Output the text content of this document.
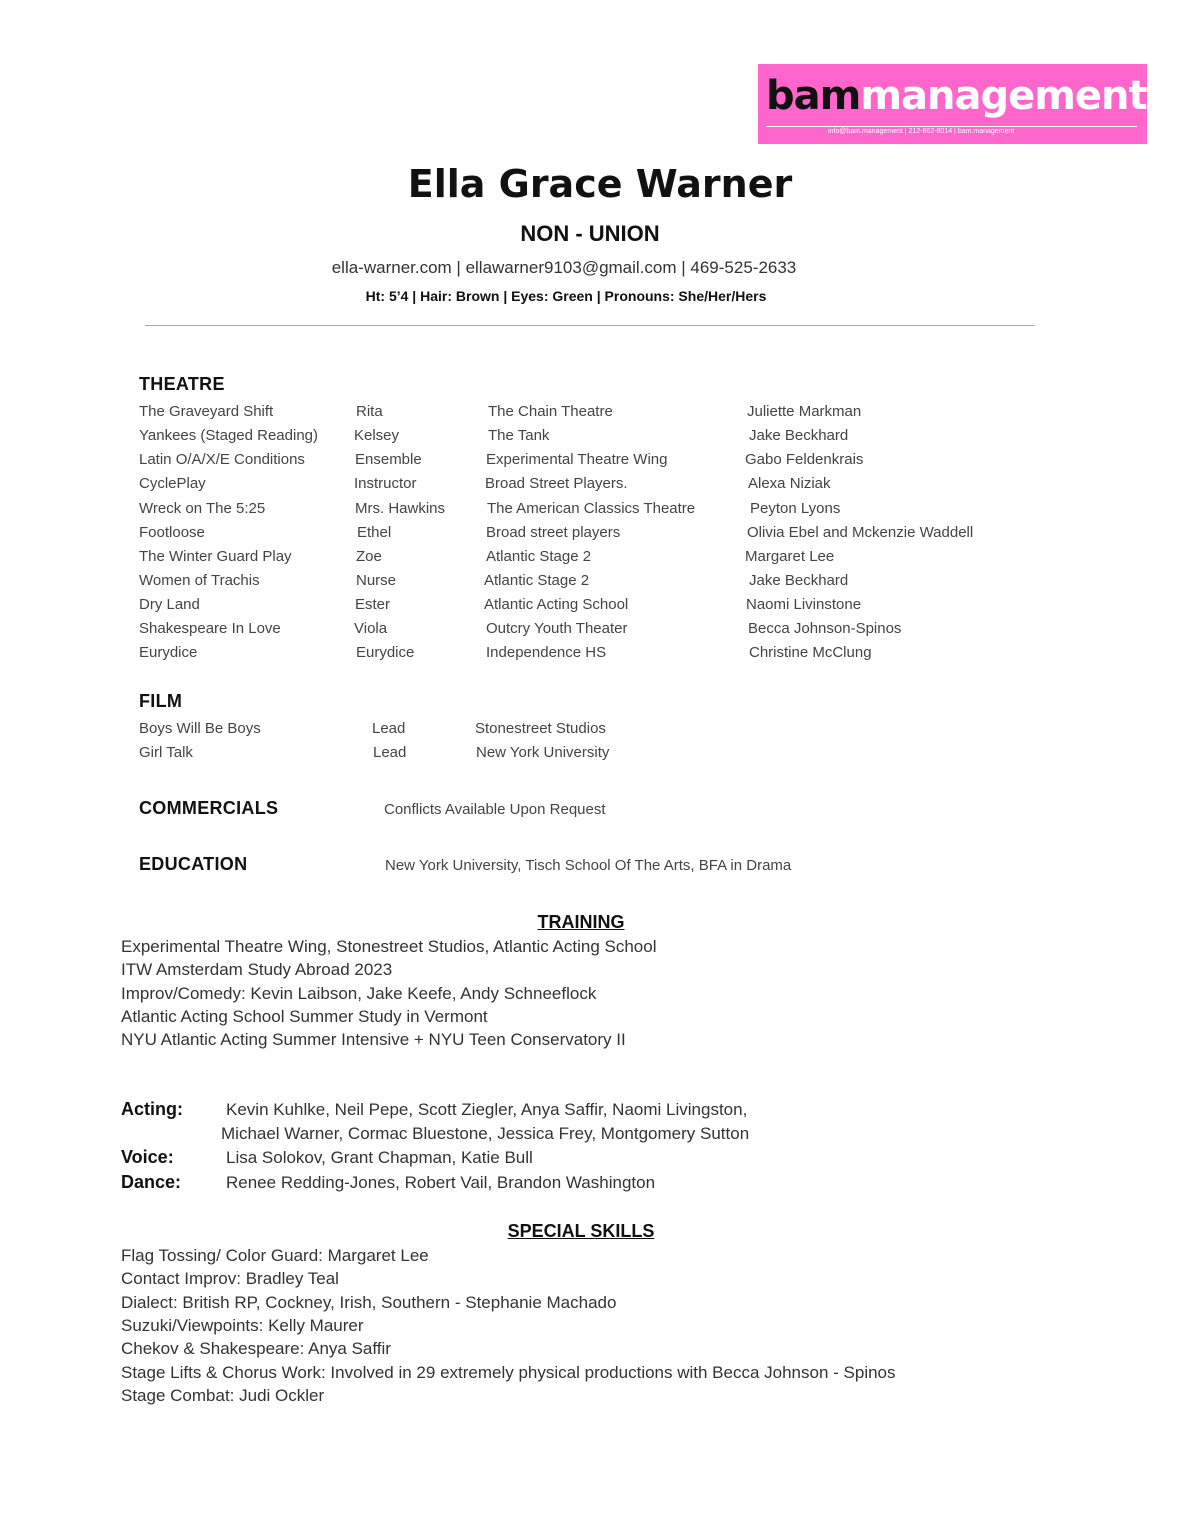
bammanagement
info@bam.management | 212-662-8014 | bam.management
Ella Grace Warner
NON - UNION
ella-warner.com | ellawarner9103@gmail.com | 469-525-2633
Ht: 5’4 | Hair: Brown | Eyes: Green | Pronouns: She/Her/Hers
THEATRE
The Graveyard Shift	Rita	The Chain Theatre	Juliette Markman
Yankees (Staged Reading) Kelsey	The Tank	Jake Beckhard
Latin O/A/X/E Conditions	Ensemble	Experimental Theatre Wing	Gabo Feldenkrais
CyclePlay	Instructor	Broad Street Players.	Alexa Niziak
Wreck on The 5:25	Mrs. Hawkins	The American Classics Theatre	Peyton Lyons
Footloose	Ethel	Broad street players	Olivia Ebel and Mckenzie Waddell
The Winter Guard Play	Zoe	Atlantic Stage 2	Margaret Lee
Women of Trachis	Nurse	Atlantic Stage 2	Jake Beckhard
Dry Land	Ester	Atlantic Acting School	Naomi Livinstone
Shakespeare In Love	Viola	Outcry Youth Theater	Becca Johnson-Spinos
Eurydice	Eurydice	Independence HS	Christine McClung
FILM
Boys Will Be Boys	Lead	Stonestreet Studios
Girl Talk	Lead	New York University
COMMERCIALS	Conflicts Available Upon Request
EDUCATION	New York University, Tisch School Of The Arts, BFA in Drama
TRAINING
Experimental Theatre Wing, Stonestreet Studios, Atlantic Acting School
ITW Amsterdam Study Abroad 2023
Improv/Comedy: Kevin Laibson, Jake Keefe, Andy Schneeflock
Atlantic Acting School Summer Study in Vermont
NYU Atlantic Acting Summer Intensive + NYU Teen Conservatory II
Acting:	Kevin Kuhlke, Neil Pepe, Scott Ziegler, Anya Saffir, Naomi Livingston,
Michael Warner, Cormac Bluestone, Jessica Frey, Montgomery Sutton
Voice:	Lisa Solokov, Grant Chapman, Katie Bull
Dance:	Renee Redding-Jones, Robert Vail, Brandon Washington
SPECIAL SKILLS
Flag Tossing/ Color Guard: Margaret Lee
Contact Improv: Bradley Teal
Dialect: British RP, Cockney, Irish, Southern - Stephanie Machado
Suzuki/Viewpoints: Kelly Maurer
Chekov & Shakespeare: Anya Saffir
Stage Lifts & Chorus Work: Involved in 29 extremely physical productions with Becca Johnson - Spinos
Stage Combat: Judi Ockler
